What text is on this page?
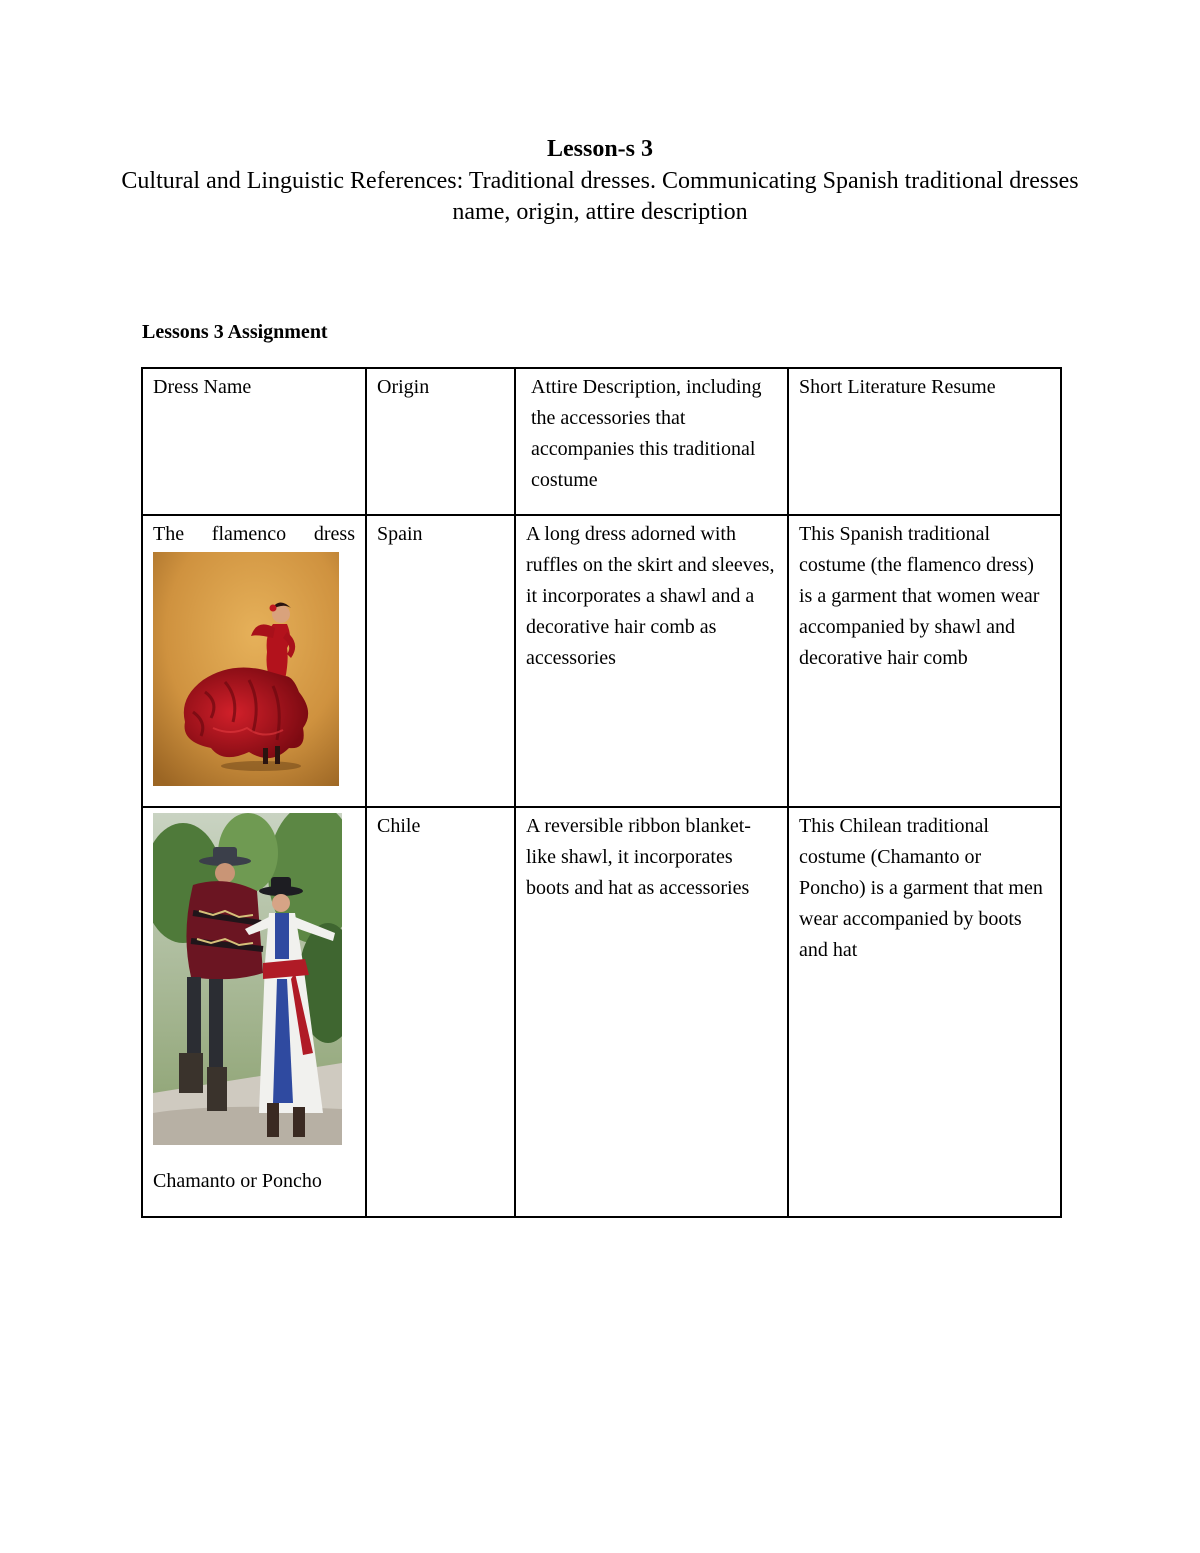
Lesson-s 3
Cultural and Linguistic References: Traditional dresses. Communicating Spanish traditional dresses name, origin, attire description
Lessons 3 Assignment
Dress Name	Origin	Attire Description, including the accessories that accompanies this traditional costume	Short Literature Resume

The flamenco dress	Spain	A long dress adorned with ruffles on the skirt and sleeves, it incorporates a shawl and a decorative hair comb as accessories	This Spanish traditional costume (the flamenco dress) is a garment that women wear accompanied by shawl and decorative hair comb

Chamanto or Poncho	Chile	A reversible ribbon blanket-like shawl, it incorporates boots and hat as accessories	This Chilean traditional costume (Chamanto or Poncho) is a garment that men wear accompanied by boots and hat
